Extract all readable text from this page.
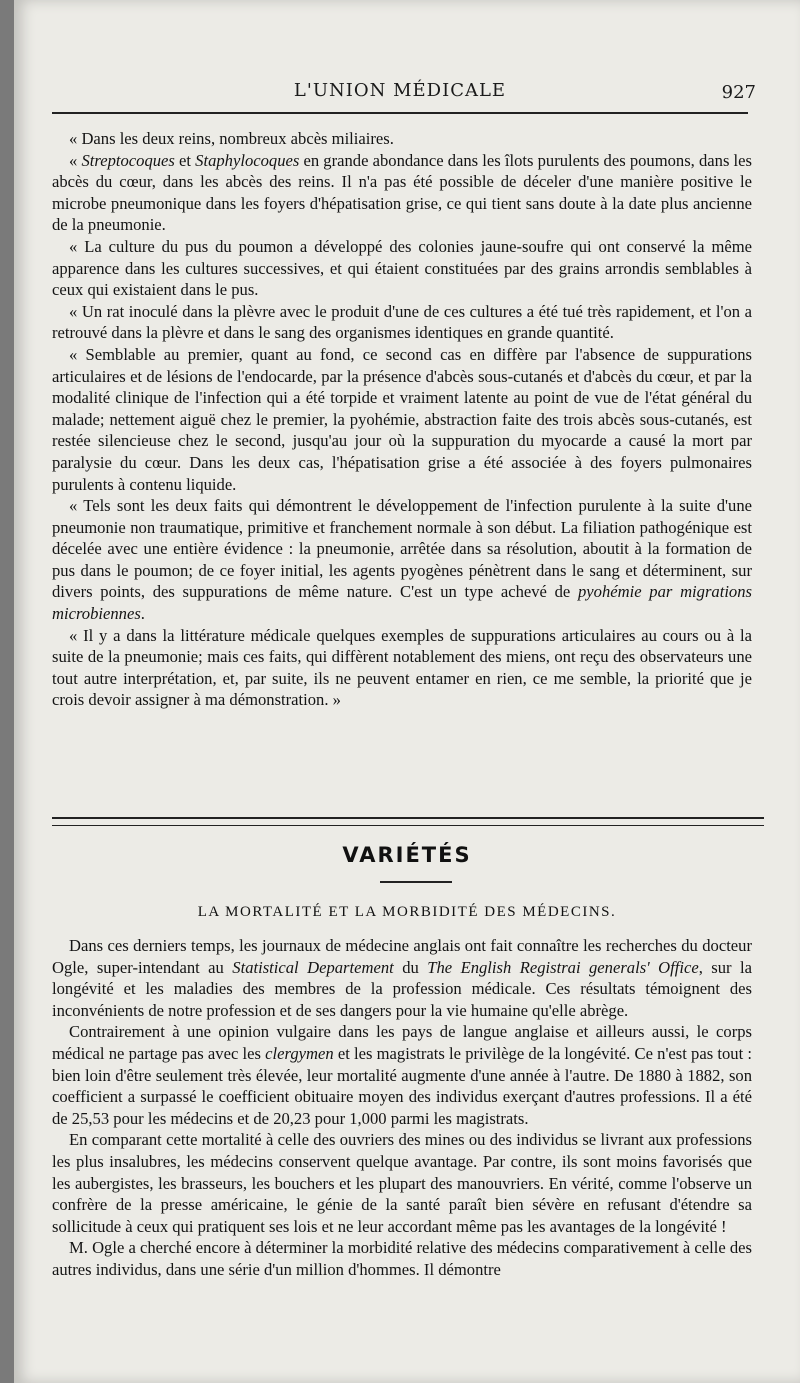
L'UNION MÉDICALE	927

« Dans les deux reins, nombreux abcès miliaires.

« Streptocoques et Staphylocoques en grande abondance dans les îlots purulents des poumons, dans les abcès du cœur, dans les abcès des reins. Il n'a pas été possible de déceler d'une manière positive le microbe pneumonique dans les foyers d'hépatisation grise, ce qui tient sans doute à la date plus ancienne de la pneumonie.

« La culture du pus du poumon a développé des colonies jaune-soufre qui ont conservé la même apparence dans les cultures successives, et qui étaient constituées par des grains arrondis semblables à ceux qui existaient dans le pus.

« Un rat inoculé dans la plèvre avec le produit d'une de ces cultures a été tué très rapidement, et l'on a retrouvé dans la plèvre et dans le sang des organismes identiques en grande quantité.

« Semblable au premier, quant au fond, ce second cas en diffère par l'absence de suppurations articulaires et de lésions de l'endocarde, par la présence d'abcès sous-cutanés et d'abcès du cœur, et par la modalité clinique de l'infection qui a été torpide et vraiment latente au point de vue de l'état général du malade; nettement aiguë chez le premier, la pyohémie, abstraction faite des trois abcès sous-cutanés, est restée silencieuse chez le second, jusqu'au jour où la suppuration du myocarde a causé la mort par paralysie du cœur. Dans les deux cas, l'hépatisation grise a été associée à des foyers pulmonaires purulents à contenu liquide.

« Tels sont les deux faits qui démontrent le développement de l'infection purulente à la suite d'une pneumonie non traumatique, primitive et franchement normale à son début. La filiation pathogénique est décelée avec une entière évidence : la pneumonie, arrêtée dans sa résolution, aboutit à la formation de pus dans le poumon; de ce foyer initial, les agents pyogènes pénètrent dans le sang et déterminent, sur divers points, des suppurations de même nature. C'est un type achevé de pyohémie par migrations microbiennes.

« Il y a dans la littérature médicale quelques exemples de suppurations articulaires au cours ou à la suite de la pneumonie; mais ces faits, qui diffèrent notablement des miens, ont reçu des observateurs une tout autre interprétation, et, par suite, ils ne peuvent entamer en rien, ce me semble, la priorité que je crois devoir assigner à ma démonstration. »

VARIÉTÉS
LA MORTALITÉ ET LA MORBIDITÉ DES MÉDECINS.

Dans ces derniers temps, les journaux de médecine anglais ont fait connaître les recherches du docteur Ogle, super-intendant au Statistical Departement du The English Registrai generals' Office, sur la longévité et les maladies des membres de la profession médicale. Ces résultats témoignent des inconvénients de notre profession et de ses dangers pour la vie humaine qu'elle abrège.

Contrairement à une opinion vulgaire dans les pays de langue anglaise et ailleurs aussi, le corps médical ne partage pas avec les clergymen et les magistrats le privilège de la longévité. Ce n'est pas tout : bien loin d'être seulement très élevée, leur mortalité augmente d'une année à l'autre. De 1880 à 1882, son coefficient a surpassé le coefficient obituaire moyen des individus exerçant d'autres professions. Il a été de 25,53 pour les médecins et de 20,23 pour 1,000 parmi les magistrats.

En comparant cette mortalité à celle des ouvriers des mines ou des individus se livrant aux professions les plus insalubres, les médecins conservent quelque avantage. Par contre, ils sont moins favorisés que les aubergistes, les brasseurs, les bouchers et les plupart des manouvriers. En vérité, comme l'observe un confrère de la presse américaine, le génie de la santé paraît bien sévère en refusant d'étendre sa sollicitude à ceux qui pratiquent ses lois et ne leur accordant même pas les avantages de la longévité !

M. Ogle a cherché encore à déterminer la morbidité relative des médecins comparativement à celle des autres individus, dans une série d'un million d'hommes. Il démontre
